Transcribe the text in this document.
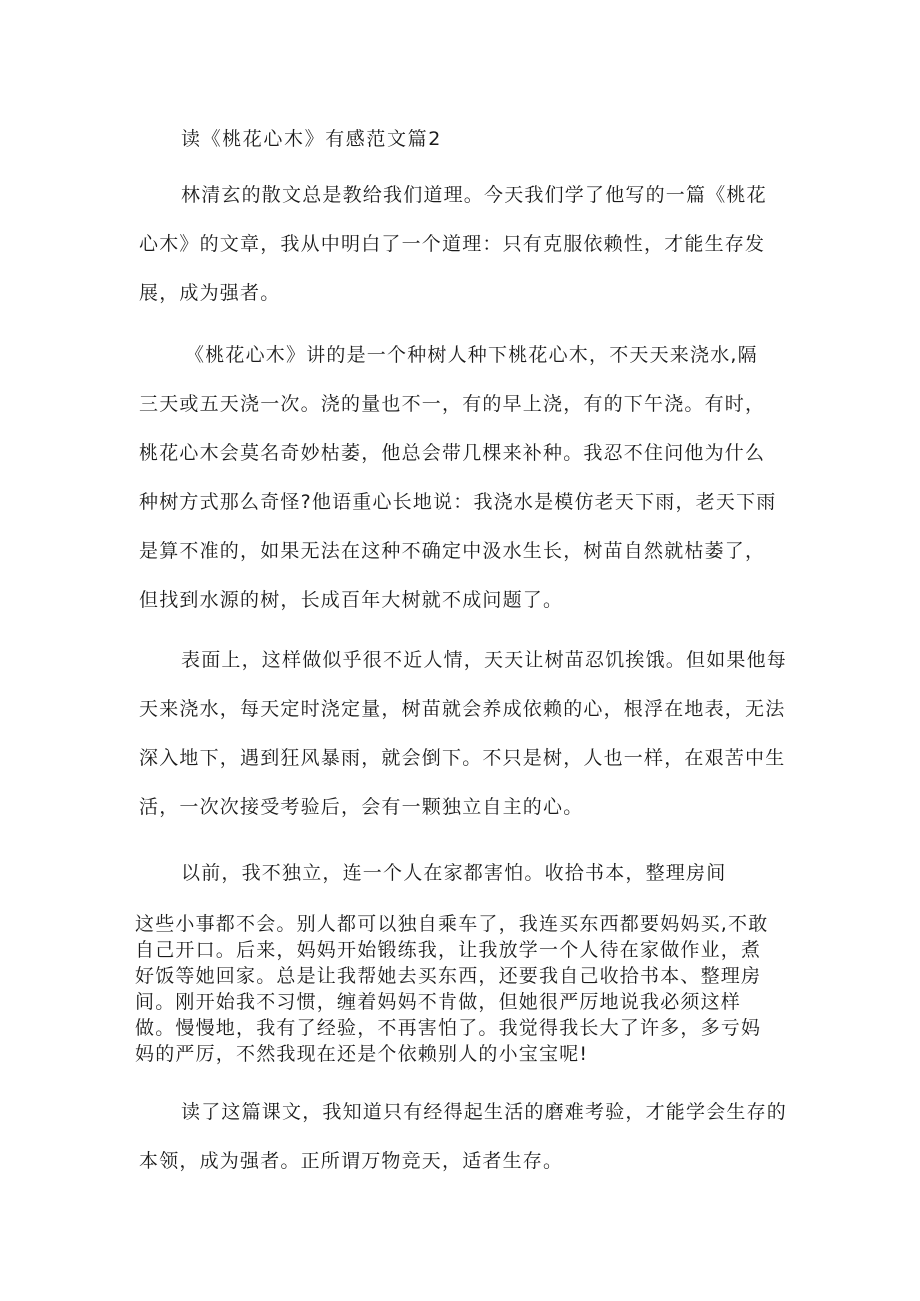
读《桃花心木》有感范文篇2
林清玄的散文总是教给我们道理。今天我们学了他写的一篇《桃花
心木》的文章，我从中明白了一个道理：只有克服依赖性，才能生存发
展，成为强者。
《桃花心木》讲的是一个种树人种下桃花心木，不天天来浇水,隔
三天或五天浇一次。浇的量也不一，有的早上浇，有的下午浇。有时，
桃花心木会莫名奇妙枯萎，他总会带几棵来补种。我忍不住问他为什么
种树方式那么奇怪?他语重心长地说：我浇水是模仿老天下雨，老天下雨
是算不准的，如果无法在这种不确定中汲水生长，树苗自然就枯萎了，
但找到水源的树，长成百年大树就不成问题了。
表面上，这样做似乎很不近人情，天天让树苗忍饥挨饿。但如果他每
天来浇水，每天定时浇定量，树苗就会养成依赖的心，根浮在地表，无法
深入地下，遇到狂风暴雨，就会倒下。不只是树，人也一样，在艰苦中生
活，一次次接受考验后，会有一颗独立自主的心。
以前，我不独立，连一个人在家都害怕。收拾书本，整理房间
这些小事都不会。别人都可以独自乘车了，我连买东西都要妈妈买,不敢
自己开口。后来，妈妈开始锻练我，让我放学一个人待在家做作业，煮
好饭等她回家。总是让我帮她去买东西，还要我自己收拾书本、整理房
间。刚开始我不习惯，缠着妈妈不肯做，但她很严厉地说我必须这样
做。慢慢地，我有了经验，不再害怕了。我觉得我长大了许多，多亏妈
妈的严厉，不然我现在还是个依赖别人的小宝宝呢!
读了这篇课文，我知道只有经得起生活的磨难考验，才能学会生存的
本领，成为强者。正所谓万物竞天，适者生存。
